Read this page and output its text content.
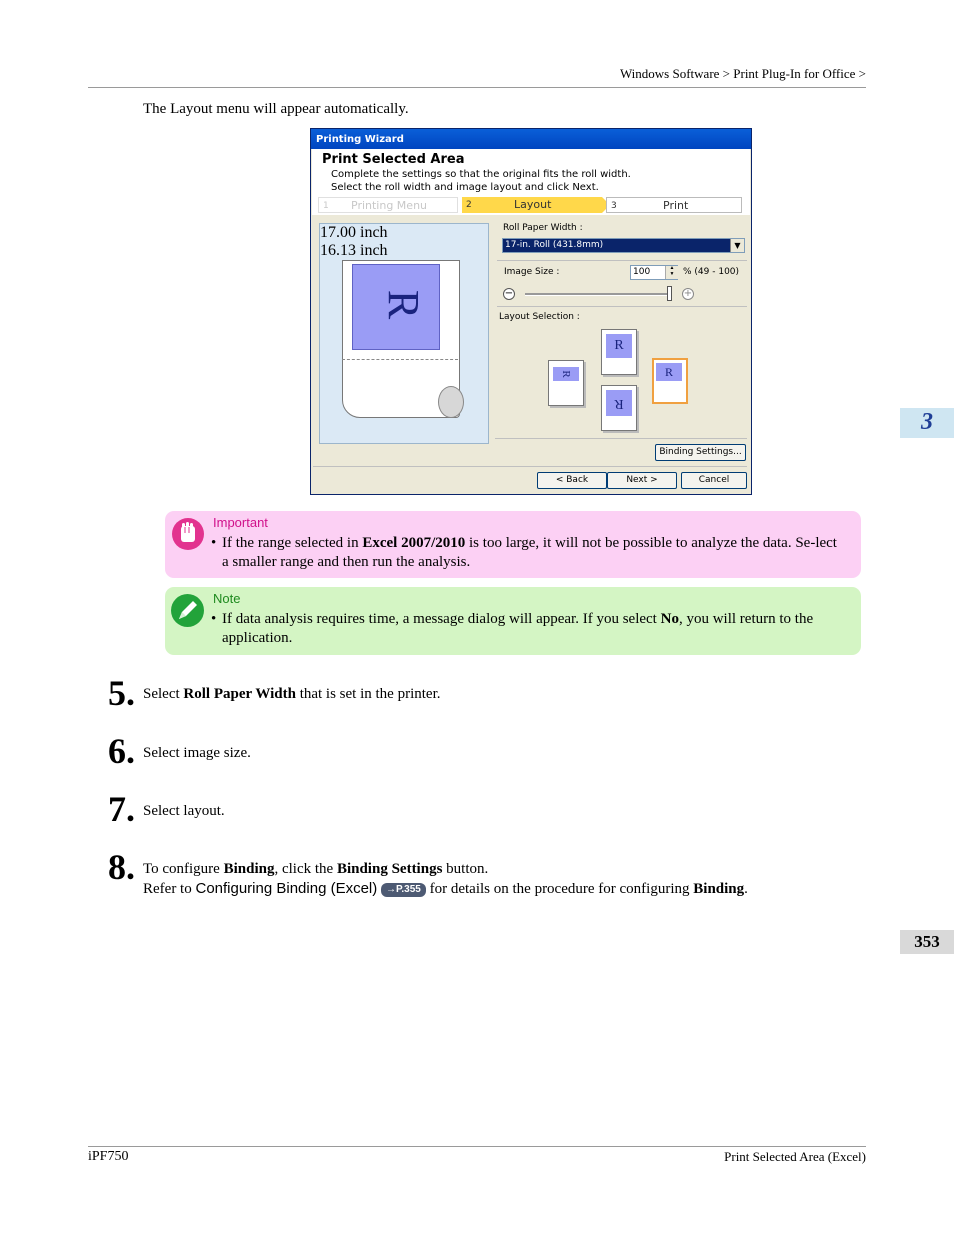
Windows Software > Print Plug-In for Office >
The Layout menu will appear automatically.
Printing Wizard
Print Selected Area
Complete the settings so that the original fits the roll width.
Select the roll width and image layout and click Next.
1 Printing Menu	2	Layout	3	Print
R
17.00 inch
16.13 inch
Roll Paper Width :
17-in. Roll (431.8mm)	▼
Image Size :	100	▲
▼ % (49 - 100)
−	+
Layout Selection :
R
R
R
R
Binding Settings...
< Back	Next >	Cancel
Important
• If the range selected in Excel 2007/2010 is too large, it will not be possible to analyze the data. Se-lect a smaller range and then run the analysis.
Note
• If data analysis requires time, a message dialog will appear. If you select No, you will return to the application.
5. Select Roll Paper Width that is set in the printer.
6. Select image size.
7. Select layout.
8. To configure Binding, click the Binding Settings button.
Refer to Configuring Binding (Excel) →P.355 for details on the procedure for configuring Binding.
3
353
iPF750	Print Selected Area (Excel)
